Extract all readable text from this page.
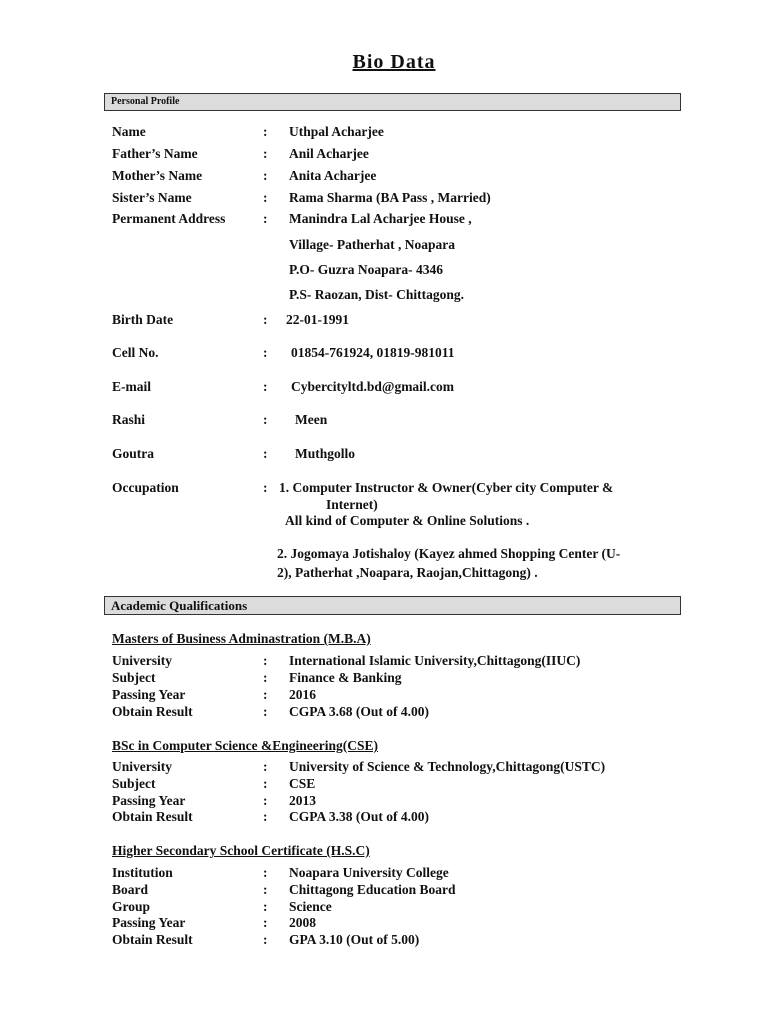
Bio Data
Personal Profile
Name	: Uthpal Acharjee
Father’s Name	: Anil Acharjee
Mother’s Name	: Anita Acharjee
Sister’s Name	: Rama Sharma (BA Pass , Married)
Permanent Address	: Manindra Lal Acharjee House ,
Village- Patherhat , Noapara
P.O- Guzra Noapara- 4346
P.S- Raozan, Dist- Chittagong.
Birth Date	: 22-01-1991
Cell No.	: 01854-761924, 01819-981011
E-mail	: Cybercityltd.bd@gmail.com
Rashi	: Meen
Goutra	: Muthgollo
Occupation	: 1. Computer Instructor & Owner(Cyber city Computer &
Internet)
All kind of Computer & Online Solutions .
2. Jogomaya Jotishaloy (Kayez ahmed Shopping Center (U-
2), Patherhat ,Noapara, Raojan,Chittagong) .
Academic Qualifications
Masters of Business Adminastration (M.B.A)
University	: International Islamic University,Chittagong(IIUC)
Subject	: Finance & Banking
Passing Year	: 2016
Obtain Result	: CGPA 3.68 (Out of 4.00)
BSc in Computer Science &Engineering(CSE)
University	: University of Science & Technology,Chittagong(USTC)
Subject	: CSE
Passing Year	: 2013
Obtain Result	: CGPA 3.38 (Out of 4.00)
Higher Secondary School Certificate (H.S.C)
Institution	: Noapara University College
Board	: Chittagong Education Board
Group	: Science
Passing Year	: 2008
Obtain Result	: GPA 3.10 (Out of 5.00)
